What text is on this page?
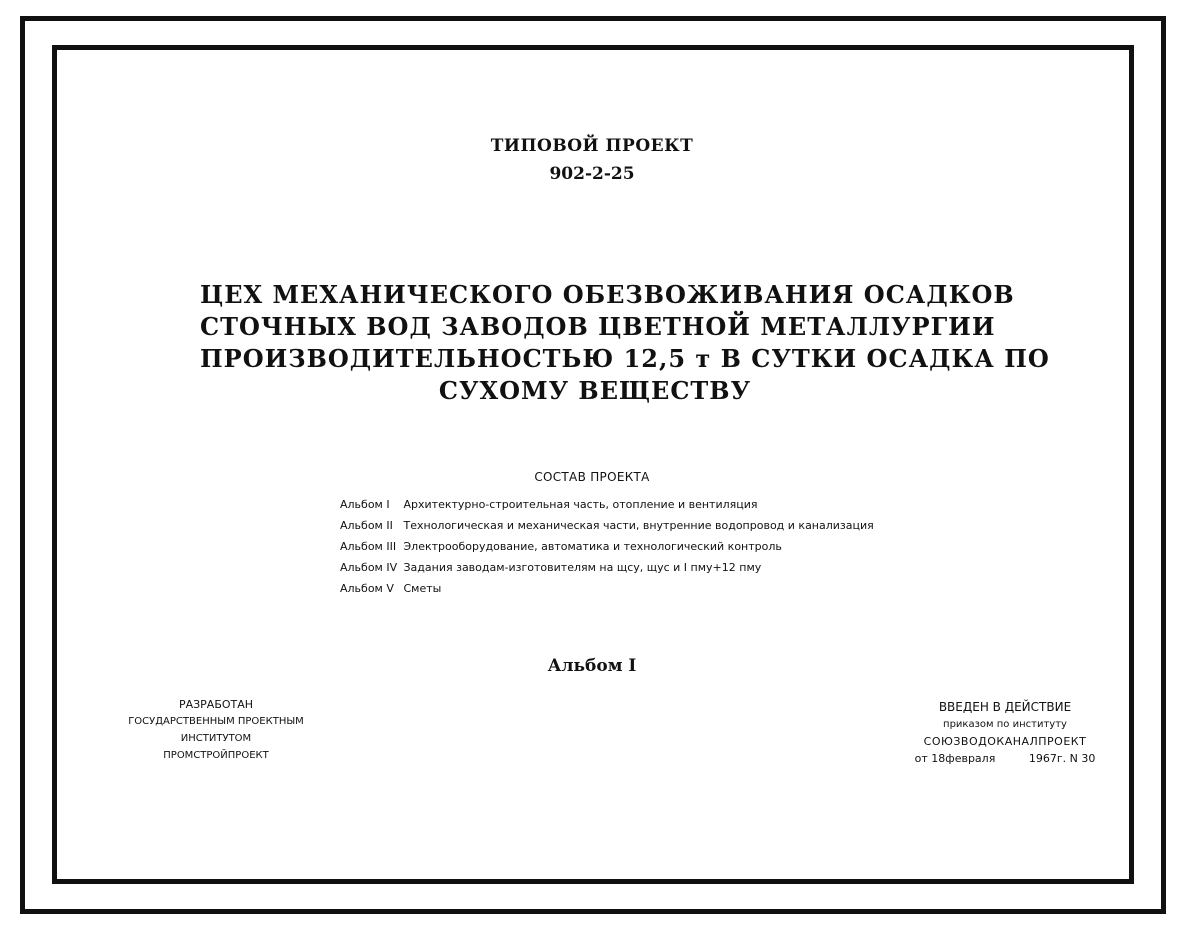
ТИПОВОЙ ПРОЕКТ
902-2-25
ЦЕХ МЕХАНИЧЕСКОГО ОБЕЗВОЖИВАНИЯ ОСАДКОВ
СТОЧНЫХ ВОД ЗАВОДОВ ЦВЕТНОЙ МЕТАЛЛУРГИИ
ПРОИЗВОДИТЕЛЬНОСТЬЮ 12,5 т В СУТКИ ОСАДКА ПО
СУХОМУ ВЕЩЕСТВУ
СОСТАВ ПРОЕКТА
Альбом I Архитектурно-строительная часть, отопление и вентиляция
Альбом II Технологическая и механическая части, внутренние водопровод и канализация
Альбом III Электрооборудование, автоматика и технологический контроль
Альбом IV Задания заводам-изготовителям на щсу, щус и I пму+12 пму
Альбом V Сметы
Альбом I
РАЗРАБОТАН
ГОСУДАРСТВЕННЫМ ПРОЕКТНЫМ ИНСТИТУТОМ
ПРОМСТРОЙПРОЕКТ
ВВЕДЕН В ДЕЙСТВИЕ
приказом по институту
СОЮЗВОДОКАНАЛПРОЕКТ
от 18февраля	1967г. N 30
